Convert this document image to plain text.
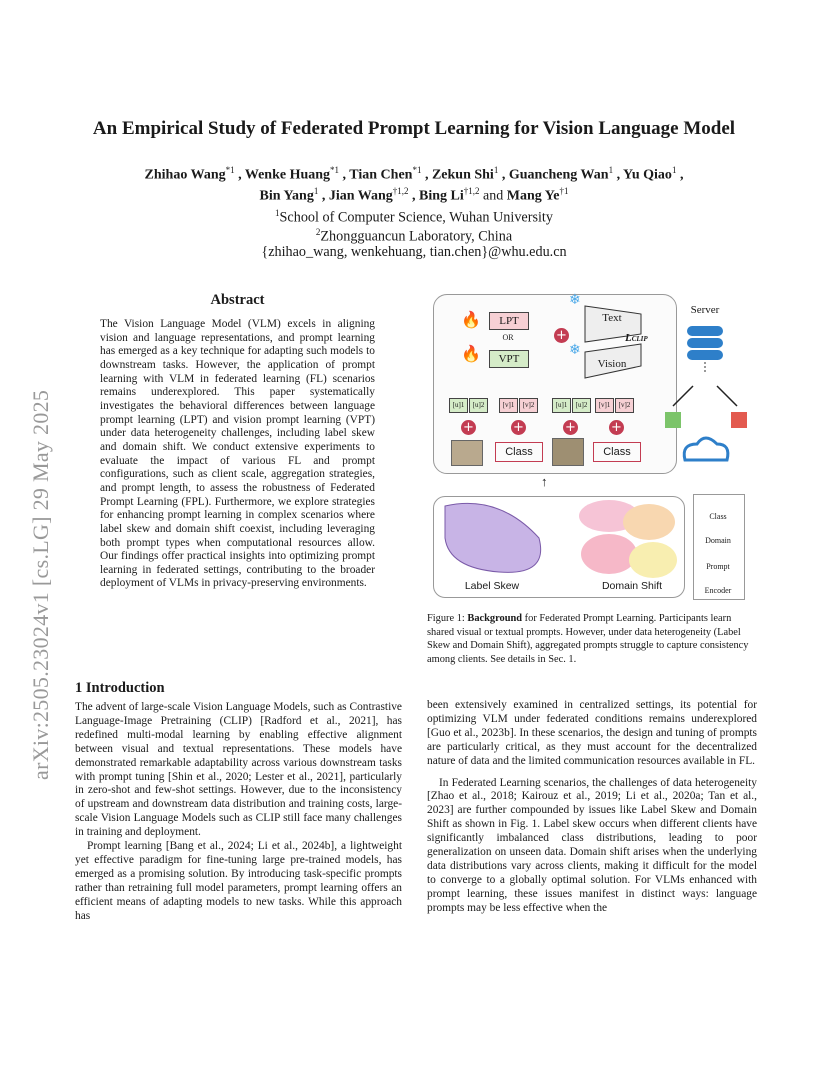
arXiv:2505.23024v1 [cs.LG] 29 May 2025
An Empirical Study of Federated Prompt Learning for Vision Language Model
Zhihao Wang$^{*1}$ , Wenke Huang$^{*1}$ , Tian Chen$^{*1}$ , Zekun Shi$^1$ , Guancheng Wan$^1$ , Yu Qiao$^1$ ,
Bin Yang$^1$ , Jian Wang$^{\dagger 1,2}$ , Bing Li$^{\dagger 1,2}$ and Mang Ye$^{\dagger 1}$
$^1$School of Computer Science, Wuhan University
$^2$Zhongguancun Laboratory, China
{zhihao_wang, wenkehuang, tian.chen}@whu.edu.cn
Abstract
The Vision Language Model (VLM) excels in aligning vision and language representations, and prompt learning has emerged as a key technique for adapting such models to downstream tasks. However, the application of prompt learning with VLM in federated learning (FL) scenarios remains underexplored. This paper systematically investigates the behavioral differences between language prompt learning (LPT) and vision prompt learning (VPT) under data heterogeneity challenges, including label skew and domain shift. We conduct extensive experiments to evaluate the impact of various FL and prompt configurations, such as client scale, aggregation strategies, and prompt length, to assess the robustness of Federated Prompt Learning (FPL). Furthermore, we explore strategies for enhancing prompt learning in complex scenarios where label skew and domain shift coexist, including leveraging both prompt types when computational resources allow. Our findings offer practical insights into optimizing prompt learning in federated settings, contributing to the broader deployment of VLMs in privacy-preserving environments.
🔥
🔥
LPT
OR
VPT
+
❄
❄
Text
Vision
LCLIP
[u]1	[u]2	[v]1	[v]2	[u]1	[u]2	[v]1	[v]2
+	+	+	+
Class	Class
Server
↑
Label Skew	Domain Shift
Class
Domain
Prompt
Encoder
Figure 1: Background for Federated Prompt Learning. Participants learn shared visual or textual prompts. However, under data heterogeneity (Label Skew and Domain Shift), aggregated prompts struggle to capture consistency among clients. See details in Sec. 1.
1 Introduction

The advent of large-scale Vision Language Models, such as Contrastive Language-Image Pretraining (CLIP) [Radford et al., 2021], has redefined multi-modal learning by enabling effective alignment between visual and textual representations. These models have demonstrated remarkable adaptability across various downstream tasks with prompt tuning [Shin et al., 2020; Lester et al., 2021], particularly in zero-shot and few-shot settings. However, due to the inconsistency of upstream and downstream data distribution and training costs, large-scale Vision Language Models such as CLIP still face many challenges in training and deployment.

Prompt learning [Bang et al., 2024; Li et al., 2024b], a lightweight yet effective paradigm for fine-tuning large pre-trained models, has emerged as a promising solution. By introducing task-specific prompts rather than retraining full model parameters, prompt learning offers an efficient means of adapting models to new tasks. While this approach has

been extensively examined in centralized settings, its potential for optimizing VLM under federated conditions remains underexplored [Guo et al., 2023b]. In these scenarios, the design and tuning of prompts are particularly critical, as they must account for the decentralized nature of data and the limited communication resources available in FL.

In Federated Learning scenarios, the challenges of data heterogeneity [Zhao et al., 2018; Kairouz et al., 2019; Li et al., 2020a; Tan et al., 2023] are further compounded by issues like Label Skew and Domain Shift as shown in Fig. 1. Label skew occurs when different clients have significantly imbalanced class distributions, leading to poor generalization on unseen data. Domain shift arises when the underlying data distributions vary across clients, making it difficult for the model to converge to a globally optimal solution. For VLMs enhanced with prompt learning, these issues manifest in distinct ways: language prompts may be less effective when the
